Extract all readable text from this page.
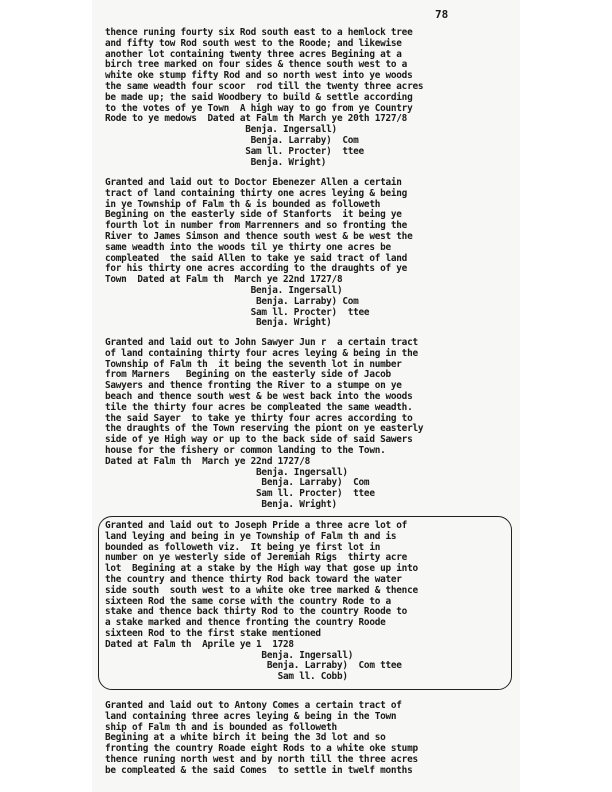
78
thence runing fourty six Rod south east to a hemlock tree
and fifty tow Rod south west to the Roode; and likewise
another lot containing twenty three acres Begining at a
birch tree marked on four sides & thence south west to a
white oke stump fifty Rod and so north west into ye woods
the same weadth four scoor  rod till the twenty three acres
be made up; the said Woodbery to build & settle according
to the votes of ye Town  A high way to go from ye Country
Rode to ye medows  Dated at Falm th March ye 20th 1727/8
Benja. Ingersall)
Benja. Larraby)  Com
Sam ll. Procter)  ttee
Benja. Wright)
Granted and laid out to Doctor Ebenezer Allen a certain
tract of land containing thirty one acres leying & being
in ye Township of Falm th & is bounded as followeth
Begining on the easterly side of Stanforts  it being ye
fourth lot in number from Marrenners and so fronting the
River to James Simson and thence south west & be west the
same weadth into the woods til ye thirty one acres be
compleated  the said Allen to take ye said tract of land
for his thirty one acres according to the draughts of ye
Town  Dated at Falm th  March ye 22nd 1727/8
Benja. Ingersall)
Benja. Larraby) Com
Sam ll. Procter)  ttee
Benja. Wright)
Granted and laid out to John Sawyer Jun r  a certain tract
of land containing thirty four acres leying & being in the
Township of Falm th  it being the seventh lot in number
from Marners   Begining on the easterly side of Jacob
Sawyers and thence fronting the River to a stumpe on ye
beach and thence south west & be west back into the woods
tile the thirty four acres be compleated the same weadth.
the said Sayer  to take ye thirty four acres according to
the draughts of the Town reserving the piont on ye easterly
side of ye High way or up to the back side of said Sawers
house for the fishery or common landing to the Town.
Dated at Falm th  March ye 22nd 1727/8
Benja. Ingersall)
Benja. Larraby)  Com
Sam ll. Procter)  ttee
Benja. Wright)
Granted and laid out to Joseph Pride a three acre lot of
land leying and being in ye Township of Falm th and is
bounded as followeth viz.  It being ye first lot in
number on ye westerly side of Jeremiah Rigs  thirty acre
lot  Begining at a stake by the High way that gose up into
the country and thence thirty Rod back toward the water
side south  south west to a white oke tree marked & thence
sixteen Rod the same corse with the country Rode to a
stake and thence back thirty Rod to the country Roode to
a stake marked and thence fronting the country Roode
sixteen Rod to the first stake mentioned
Dated at Falm th  Aprile ye 1  1728
Benja. Ingersall)
Benja. Larraby)  Com ttee
Sam ll. Cobb)
Granted and laid out to Antony Comes a certain tract of
land containing three acres leying & being in the Town
ship of Falm th and is bounded as followeth
Begining at a white birch it being the 3d lot and so
fronting the country Roade eight Rods to a white oke stump
thence runing north west and by north till the three acres
be compleated & the said Comes  to settle in twelf months
